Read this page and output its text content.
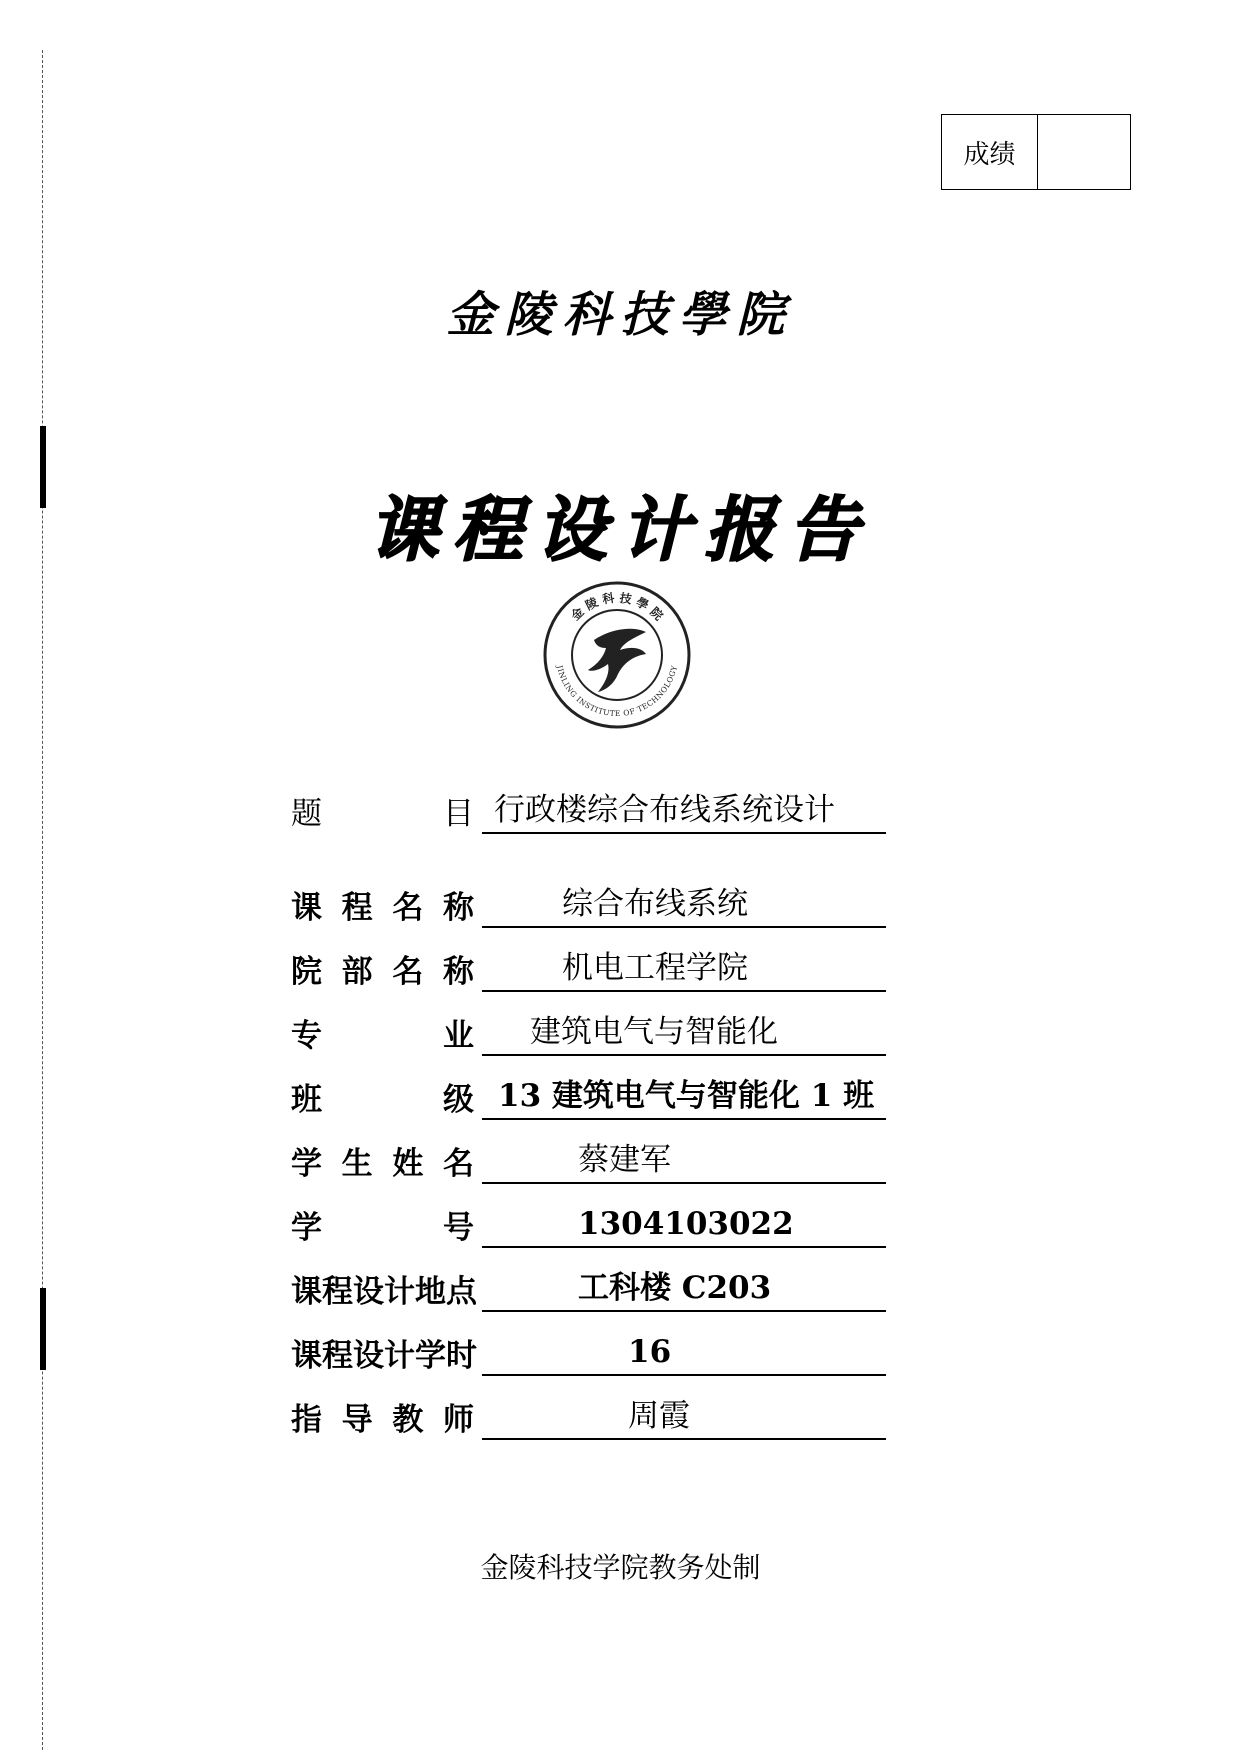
成绩
金陵科技學院
课程设计报告
金 陵 科 技 學 院
JINLING INSTITUTE OF TECHNOLOGY
题	目 行政楼综合布线系统设计
课 程 名 称	综合布线系统
院 部 名 称	机电工程学院
专	业 建筑电气与智能化
班	级 13 建筑电气与智能化 1 班
学 生 姓 名	蔡建军
学	号	1304103022
课 程 设 计 地 点	工科楼 C203
课 程 设 计 学 时	16
指 导 教 师	周霞
金陵科技学院教务处制
